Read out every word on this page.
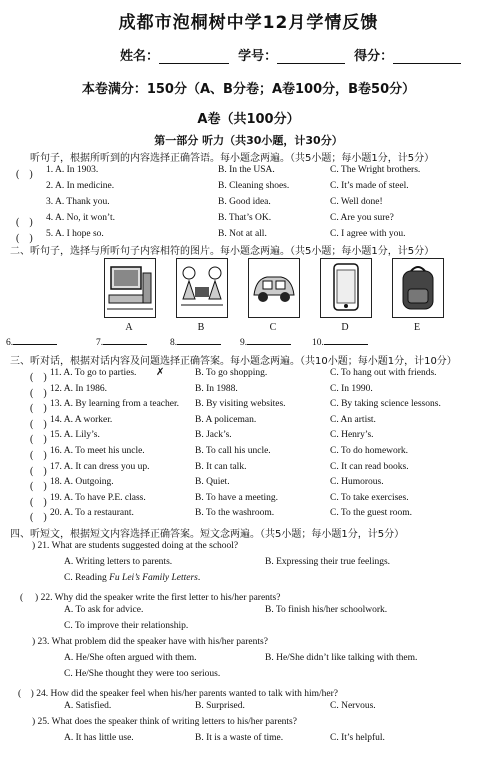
成都市泡桐树中学12月学情反馈
姓名：	学号：	得分：
本卷满分：150分（A、B分卷；A卷100分，B卷50分）
A卷（共100分）
第一部分 听力（共30小题，计30分）
听句子，根据所听到的内容选择正确答语。每小题念两遍。（共5小题；每小题1分，计5分）
(　) 1. A. In 1903.	B. In the USA.	C. The Wright brothers.
2. A. In medicine.	B. Cleaning shoes.	C. It’s made of steel.
3. A. Thank you.	B. Good idea.	C. Well done!
(　) 4. A. No, it won’t.	B. That’s OK.	C. Are you sure?
(　) 5. A. I hope so.	B. Not at all.	C. I agree with you.
二、听句子，选择与所听句子内容相符的图片。每小题念两遍。（共5小题；每小题1分，计5分）
A	B	C	D	E
6.	7.	8.	9.	10.
三、听对话，根据对话内容及问题选择正确答案。每小题念两遍。（共10小题；每小题1分，计10分）
(　) 11. A. To go to parties. ✗	B. To go shopping.	C. To hang out with friends.
(　) 12. A. In 1986.	B. In 1988.	C. In 1990.
(　) 13. A. By learning from a teacher. B. By visiting websites.	C. By taking science lessons.
(　) 14. A. A worker.	B. A policeman.	C. An artist.
(　) 15. A. Lily’s.	B. Jack’s.	C. Henry’s.
(　) 16. A. To meet his uncle.	B. To call his uncle.	C. To do homework.
(　) 17. A. It can dress you up.	B. It can talk.	C. It can read books.
(　) 18. A. Outgoing.	B. Quiet.	C. Humorous.
(　) 19. A. To have P.E. class.	B. To have a meeting.	C. To take exercises.
(　) 20. A. To a restaurant.	B. To the washroom.	C. To the guest room.
四、听短文，根据短文内容选择正确答案。短文念两遍。（共5小题；每小题1分，计5分）
) 21. What are students suggested doing at the school?
A. Writing letters to parents.	B. Expressing their true feelings.
C. Reading Fu Lei’s Family Letters.
(　 ) 22. Why did the speaker write the first letter to his/her parents?
A. To ask for advice.	B. To finish his/her schoolwork.
C. To improve their relationship.
) 23. What problem did the speaker have with his/her parents?
A. He/She often argued with them.	B. He/She didn’t like talking with them.
C. He/She thought they were too serious.
(　) 24. How did the speaker feel when his/her parents wanted to talk with him/her?
A. Satisfied.	B. Surprised.	C. Nervous.
) 25. What does the speaker think of writing letters to his/her parents?
A. It has little use.	B. It is a waste of time.	C. It’s helpful.
